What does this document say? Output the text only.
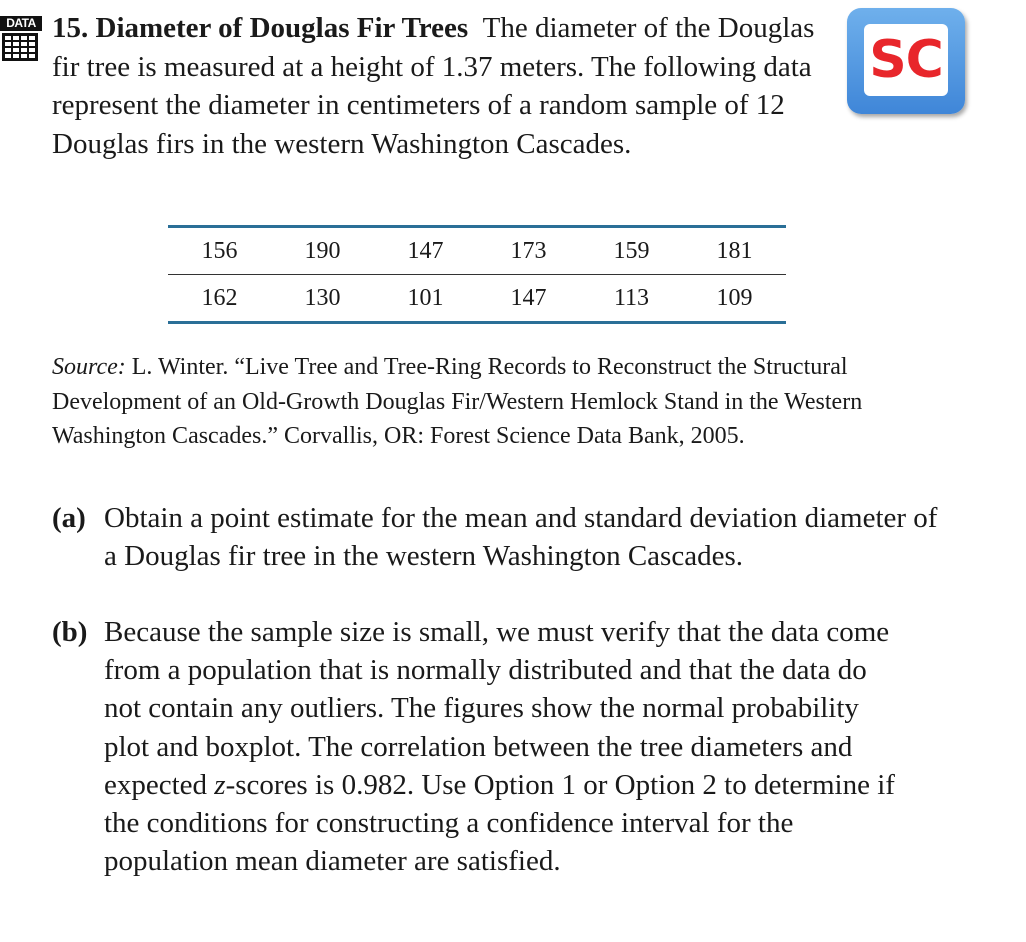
DATA
SC

15. Diameter of Douglas Fir Trees The diameter of the Douglas fir tree is measured at a height of 1.37 meters. The following data represent the diameter in centimeters of a random sample of 12 Douglas firs in the western Washington Cascades.

156	190	147	173	159	181
162	130	101	147	113	109

Source: L. Winter. “Live Tree and Tree-Ring Records to Reconstruct the Structural Development of an Old-Growth Douglas Fir/Western Hemlock Stand in the Western Washington Cascades.” Corvallis, OR: Forest Science Data Bank, 2005.

(a) Obtain a point estimate for the mean and standard deviation diameter of a Douglas fir tree in the western Washington Cascades.
(b) Because the sample size is small, we must verify that the data come from a population that is normally distributed and that the data do not contain any outliers. The figures show the normal probability plot and boxplot. The correlation between the tree diameters and expected z-scores is 0.982. Use Option 1 or Option 2 to determine if the conditions for constructing a confidence interval for the population mean diameter are satisfied.
